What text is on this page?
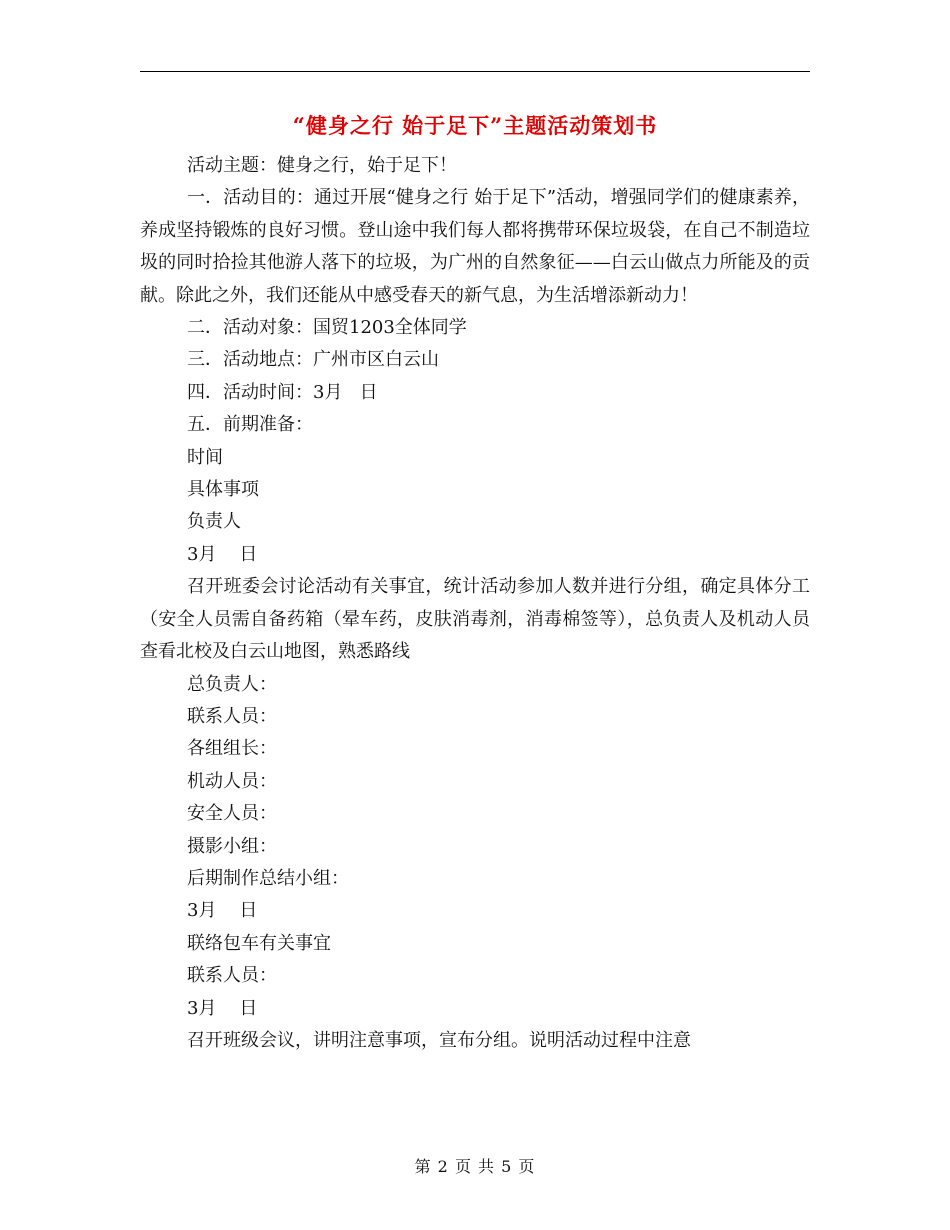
“健身之行 始于足下”主题活动策划书

活动主题：健身之行，始于足下！

一．活动目的：通过开展“健身之行 始于足下”活动，增强同学们的健康素养，养成坚持锻炼的良好习惯。登山途中我们每人都将携带环保垃圾袋，在自己不制造垃圾的同时拾捡其他游人落下的垃圾，为广州的自然象征——白云山做点力所能及的贡献。除此之外，我们还能从中感受春天的新气息，为生活增添新动力！

二．活动对象：国贸1203全体同学

三．活动地点：广州市区白云山

四．活动时间：3月   日

五．前期准备：

时间

具体事项

负责人

3月    日

召开班委会讨论活动有关事宜，统计活动参加人数并进行分组，确定具体分工（安全人员需自备药箱（晕车药，皮肤消毒剂，消毒棉签等），总负责人及机动人员查看北校及白云山地图，熟悉路线

总负责人：

联系人员：

各组组长：

机动人员：

安全人员：

摄影小组：

后期制作总结小组：

3月    日

联络包车有关事宜

联系人员：

3月    日

召开班级会议，讲明注意事项，宣布分组。说明活动过程中注意

第 2 页 共 5 页
